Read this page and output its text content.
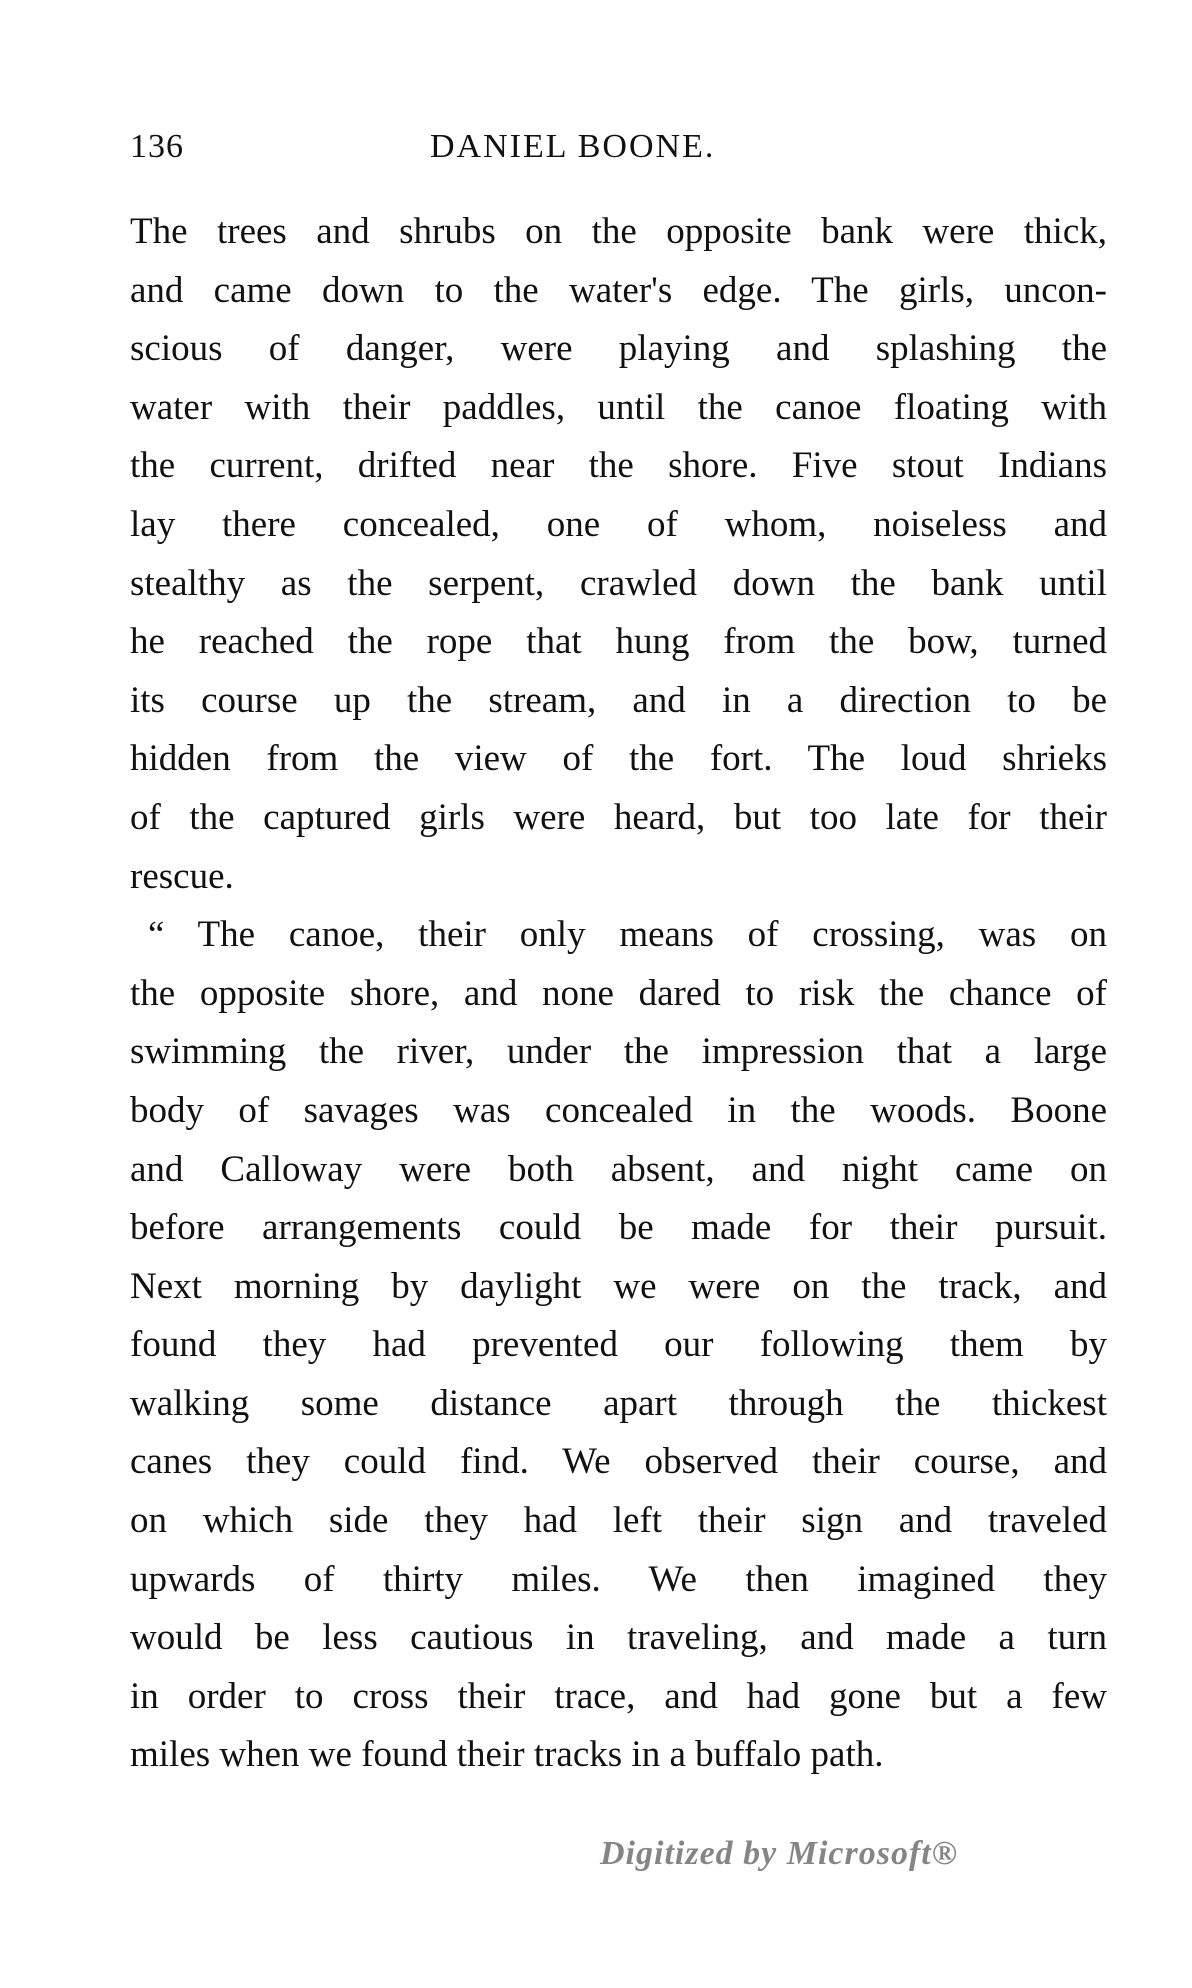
136	DANIEL BOONE.
The trees and shrubs on the opposite bank were thick,
and came down to the water's edge. The girls, uncon-
scious of danger, were playing and splashing the
water with their paddles, until the canoe floating with
the current, drifted near the shore. Five stout Indians
lay there concealed, one of whom, noiseless and
stealthy as the serpent, crawled down the bank until
he reached the rope that hung from the bow, turned
its course up the stream, and in a direction to be
hidden from the view of the fort. The loud shrieks
of the captured girls were heard, but too late for their
rescue.
“ The canoe, their only means of crossing, was on
the opposite shore, and none dared to risk the chance of
swimming the river, under the impression that a large
body of savages was concealed in the woods. Boone
and Calloway were both absent, and night came on
before arrangements could be made for their pursuit.
Next morning by daylight we were on the track, and
found they had prevented our following them by
walking some distance apart through the thickest
canes they could find. We observed their course, and
on which side they had left their sign and traveled
upwards of thirty miles. We then imagined they
would be less cautious in traveling, and made a turn
in order to cross their trace, and had gone but a few
miles when we found their tracks in a buffalo path.
Digitized by Microsoft®
